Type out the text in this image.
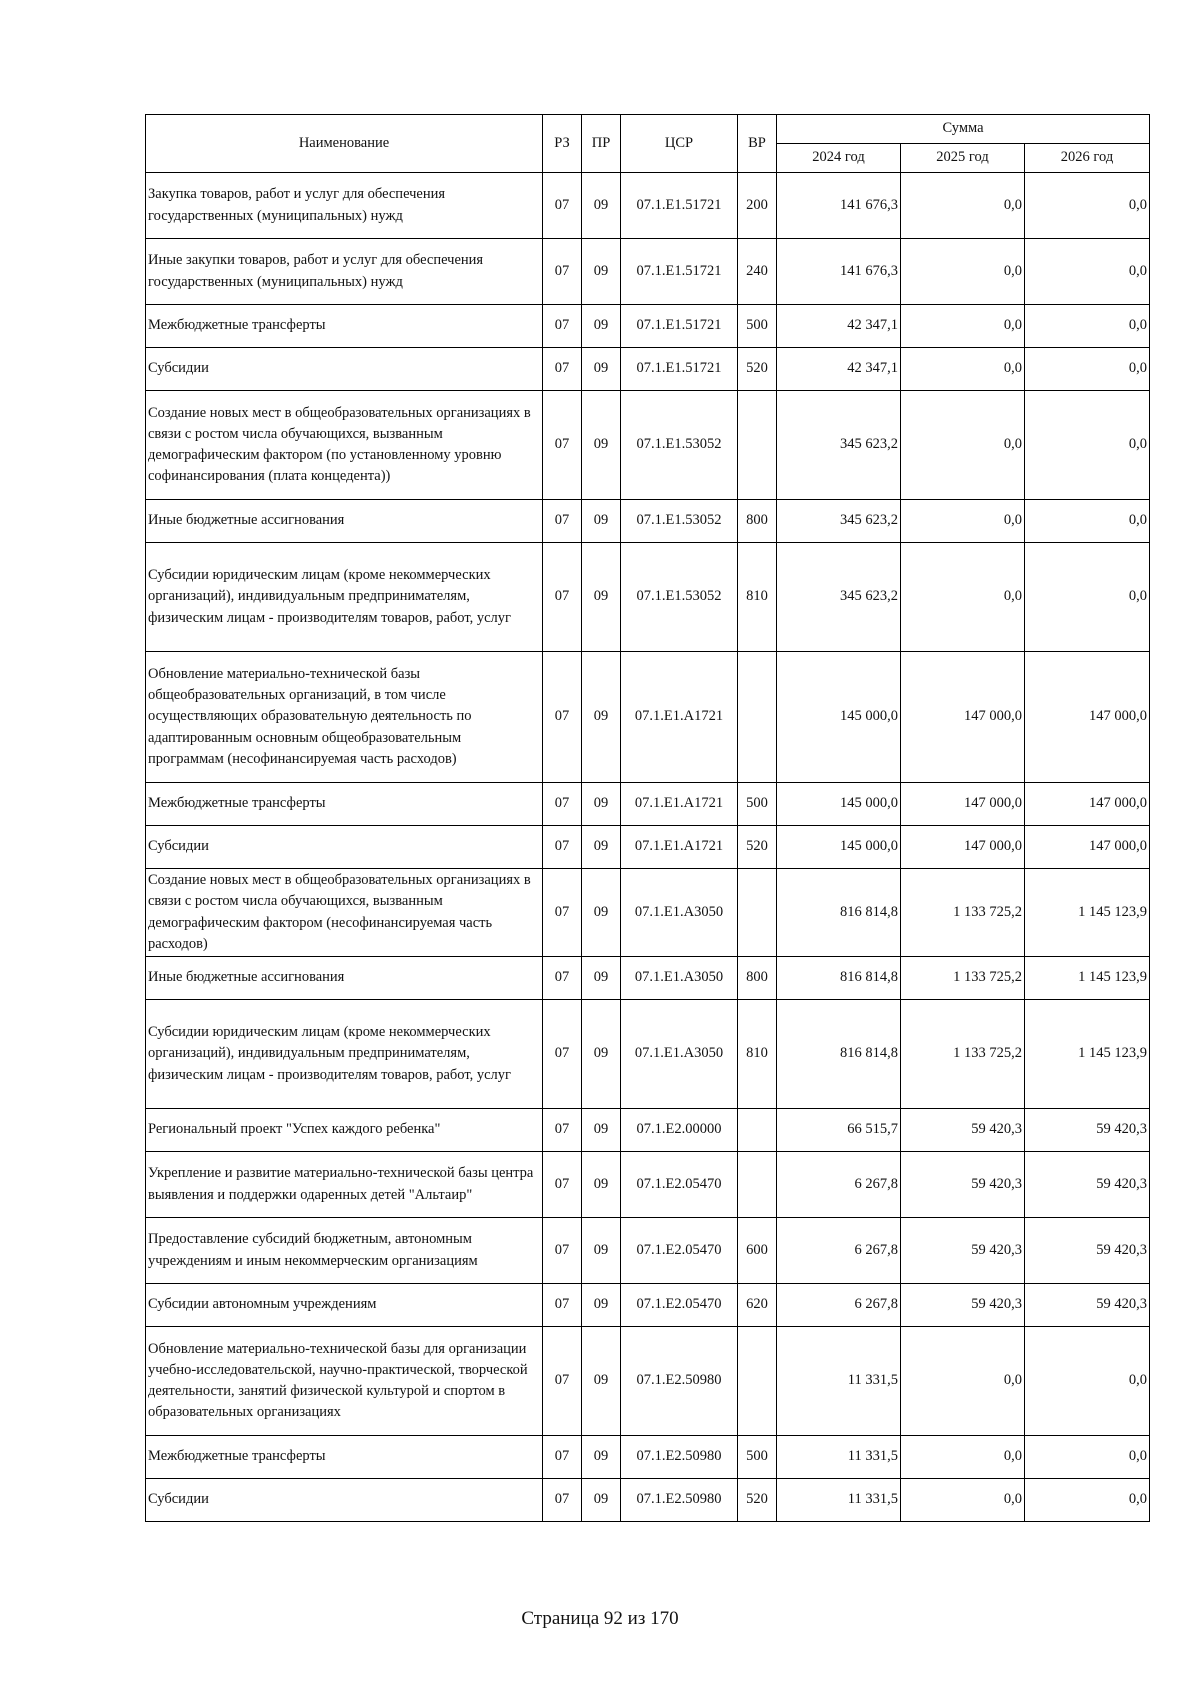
Наименование	РЗ	ПР	ЦСР	ВР	Сумма		
					2024 год	2025 год	2026 год
Закупка товаров, работ и услуг для обеспечения государственных (муниципальных) нужд	07	09	07.1.E1.51721	200	141 676,3	0,0	0,0
Иные закупки товаров, работ и услуг для обеспечения государственных (муниципальных) нужд	07	09	07.1.E1.51721	240	141 676,3	0,0	0,0
Межбюджетные трансферты	07	09	07.1.E1.51721	500	42 347,1	0,0	0,0
Субсидии	07	09	07.1.E1.51721	520	42 347,1	0,0	0,0
Создание новых мест в общеобразовательных организациях в связи с ростом числа обучающихся, вызванным демографическим фактором (по установленному уровню софинансирования (плата концедента))	07	09	07.1.E1.53052		345 623,2	0,0	0,0
Иные бюджетные ассигнования	07	09	07.1.E1.53052	800	345 623,2	0,0	0,0
Субсидии юридическим лицам (кроме некоммерческих организаций), индивидуальным предпринимателям, физическим лицам - производителям товаров, работ, услуг	07	09	07.1.E1.53052	810	345 623,2	0,0	0,0
Обновление материально-технической базы общеобразовательных организаций, в том числе осуществляющих образовательную деятельность по адаптированным основным общеобразовательным программам (несофинансируемая часть расходов)	07	09	07.1.E1.A1721		145 000,0	147 000,0	147 000,0
Межбюджетные трансферты	07	09	07.1.E1.A1721	500	145 000,0	147 000,0	147 000,0
Субсидии	07	09	07.1.E1.A1721	520	145 000,0	147 000,0	147 000,0
Создание новых мест в общеобразовательных организациях в связи с ростом числа обучающихся, вызванным демографическим фактором (несофинансируемая часть расходов)	07	09	07.1.E1.A3050		816 814,8	1 133 725,2	1 145 123,9
Иные бюджетные ассигнования	07	09	07.1.E1.A3050	800	816 814,8	1 133 725,2	1 145 123,9
Субсидии юридическим лицам (кроме некоммерческих организаций), индивидуальным предпринимателям, физическим лицам - производителям товаров, работ, услуг	07	09	07.1.E1.A3050	810	816 814,8	1 133 725,2	1 145 123,9
Региональный проект "Успех каждого ребенка"	07	09	07.1.E2.00000		66 515,7	59 420,3	59 420,3
Укрепление и развитие материально-технической базы центра выявления и поддержки одаренных детей "Альтаир"	07	09	07.1.E2.05470		6 267,8	59 420,3	59 420,3
Предоставление субсидий бюджетным, автономным учреждениям и иным некоммерческим организациям	07	09	07.1.E2.05470	600	6 267,8	59 420,3	59 420,3
Субсидии автономным учреждениям	07	09	07.1.E2.05470	620	6 267,8	59 420,3	59 420,3
Обновление материально-технической базы для организации учебно-исследовательской, научно-практической, творческой деятельности, занятий физической культурой и спортом в образовательных организациях	07	09	07.1.E2.50980		11 331,5	0,0	0,0
Межбюджетные трансферты	07	09	07.1.E2.50980	500	11 331,5	0,0	0,0
Субсидии	07	09	07.1.E2.50980	520	11 331,5	0,0	0,0
Страница 92 из 170
